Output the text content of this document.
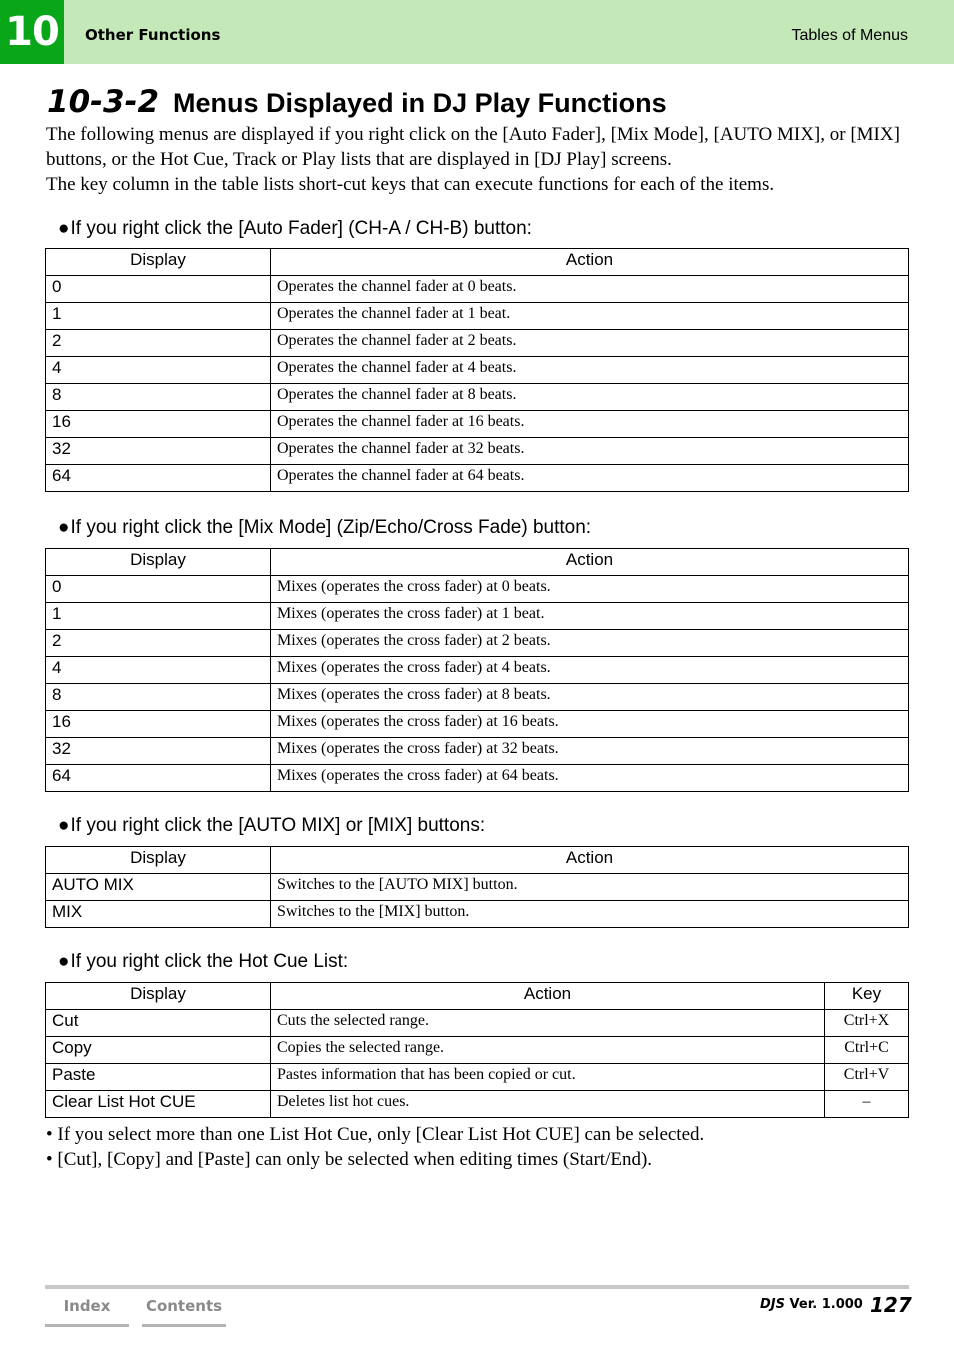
10	Other Functions	Tables of Menus
10-3-2 Menus Displayed in DJ Play Functions

The following menus are displayed if you right click on the [Auto Fader], [Mix Mode], [AUTO MIX], or [MIX] buttons, or the Hot Cue, Track or Play lists that are displayed in [DJ Play] screens.

The key column in the table lists short-cut keys that can execute functions for each of the items.

●If you right click the [Auto Fader] (CH-A / CH-B) button:
Display	Action
0	Operates the channel fader at 0 beats.
1	Operates the channel fader at 1 beat.
2	Operates the channel fader at 2 beats.
4	Operates the channel fader at 4 beats.
8	Operates the channel fader at 8 beats.
16	Operates the channel fader at 16 beats.
32	Operates the channel fader at 32 beats.
64	Operates the channel fader at 64 beats.
●If you right click the [Mix Mode] (Zip/Echo/Cross Fade) button:
Display	Action
0	Mixes (operates the cross fader) at 0 beats.
1	Mixes (operates the cross fader) at 1 beat.
2	Mixes (operates the cross fader) at 2 beats.
4	Mixes (operates the cross fader) at 4 beats.
8	Mixes (operates the cross fader) at 8 beats.
16	Mixes (operates the cross fader) at 16 beats.
32	Mixes (operates the cross fader) at 32 beats.
64	Mixes (operates the cross fader) at 64 beats.
●If you right click the [AUTO MIX] or [MIX] buttons:
Display	Action
AUTO MIX	Switches to the [AUTO MIX] button.
MIX	Switches to the [MIX] button.
●If you right click the Hot Cue List:
Display	Action	Key
Cut	Cuts the selected range.	Ctrl+X
Copy	Copies the selected range.	Ctrl+C
Paste	Pastes information that has been copied or cut.	Ctrl+V
Clear List Hot CUE	Deletes list hot cues.	–
• If you select more than one List Hot Cue, only [Clear List Hot CUE] can be selected.
• [Cut], [Copy] and [Paste] can only be selected when editing times (Start/End).
Index	Contents	DJS Ver. 1.000 127
